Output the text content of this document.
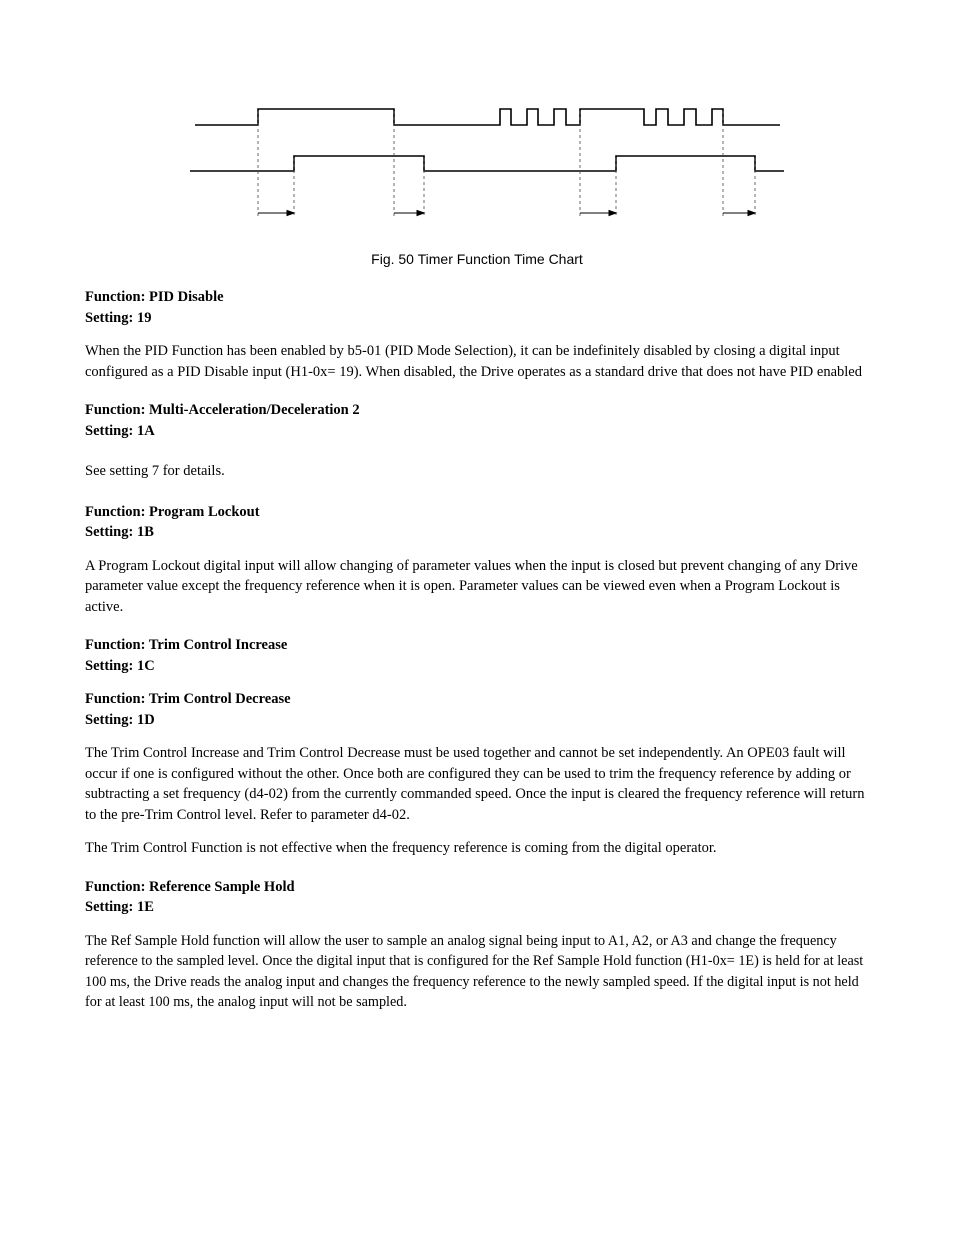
Fig. 50 Timer Function Time Chart

Function: PID Disable

Setting: 19

When the PID Function has been enabled by b5-01 (PID Mode Selection), it can be indefinitely disabled by closing a digital input configured as a PID Disable input (H1-0x= 19). When disabled, the Drive operates as a standard drive that does not have PID enabled

Function: Multi-Acceleration/Deceleration 2

Setting: 1A

See setting 7 for details.

Function: Program Lockout

Setting: 1B

A Program Lockout digital input will allow changing of parameter values when the input is closed but prevent changing of any Drive parameter value except the frequency reference when it is open. Parameter values can be viewed even when a Program Lockout is active.

Function: Trim Control Increase

Setting: 1C

Function: Trim Control Decrease

Setting: 1D

The Trim Control Increase and Trim Control Decrease must be used together and cannot be set independently. An OPE03 fault will occur if one is configured without the other. Once both are configured they can be used to trim the frequency reference by adding or subtracting a set frequency (d4-02) from the currently commanded speed. Once the input is cleared the frequency reference will return to the pre-Trim Control level. Refer to parameter d4-02.

The Trim Control Function is not effective when the frequency reference is coming from the digital operator.

Function: Reference Sample Hold

Setting: 1E

The Ref Sample Hold function will allow the user to sample an analog signal being input to A1, A2, or A3 and change the frequency reference to the sampled level. Once the digital input that is configured for the Ref Sample Hold function (H1-0x= 1E) is held for at least 100 ms, the Drive reads the analog input and changes the frequency reference to the newly sampled speed. If the digital input is not held for at least 100 ms, the analog input will not be sampled.
